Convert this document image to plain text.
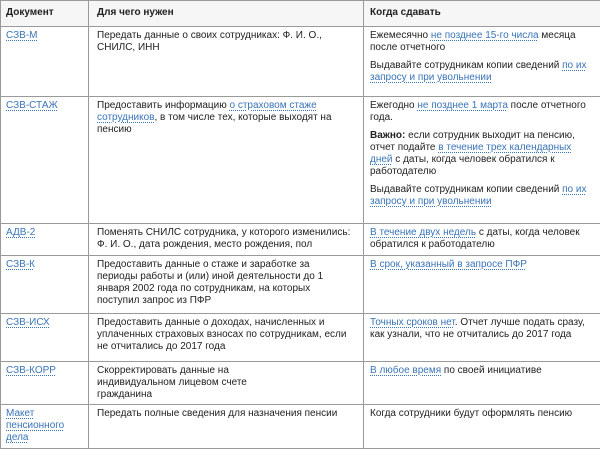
Документ	Для чего нужен	Когда сдавать
СЗВ-М	Передать данные о своих сотрудниках: Ф. И. О., СНИЛС, ИНН	Ежемесячно не позднее 15-го числа месяца после отчетного

Выдавайте сотрудникам копии сведений по их запросу и при увольнении

СЗВ-СТАЖ	Предоставить информацию о страховом стаже сотрудников, в том числе тех, которые выходят на пенсию	Ежегодно не позднее 1 марта после отчетного года.

Важно: если сотрудник выходит на пенсию, отчет подайте в течение трех календарных дней с даты, когда человек обратился к работодателю

Выдавайте сотрудникам копии сведений по их запросу и при увольнении

АДВ-2	Поменять СНИЛС сотрудника, у которого изменились: Ф. И. О., дата рождения, место рождения, пол	В течение двух недель с даты, когда человек обратился к работодателю

СЗВ-К	Предоставить данные о стаже и заработке за периоды работы и (или) иной деятельности до 1 января 2002 года по сотрудникам, на которых поступил запрос из ПФР	В срок, указанный в запросе ПФР

СЗВ-ИСХ	Предоставить данные о доходах, начисленных и уплаченных страховых взносах по сотрудникам, если не отчитались до 2017 года	Точных сроков нет. Отчет лучше подать сразу, как узнали, что не отчитались до 2017 года

СЗВ-КОРР	Скорректировать данные на индивидуальном лицевом счете гражданина	В любое время по своей инициативе

Макет пенсионного дела	Передать полные сведения для назначения пенсии	Когда сотрудники будут оформлять пенсию
